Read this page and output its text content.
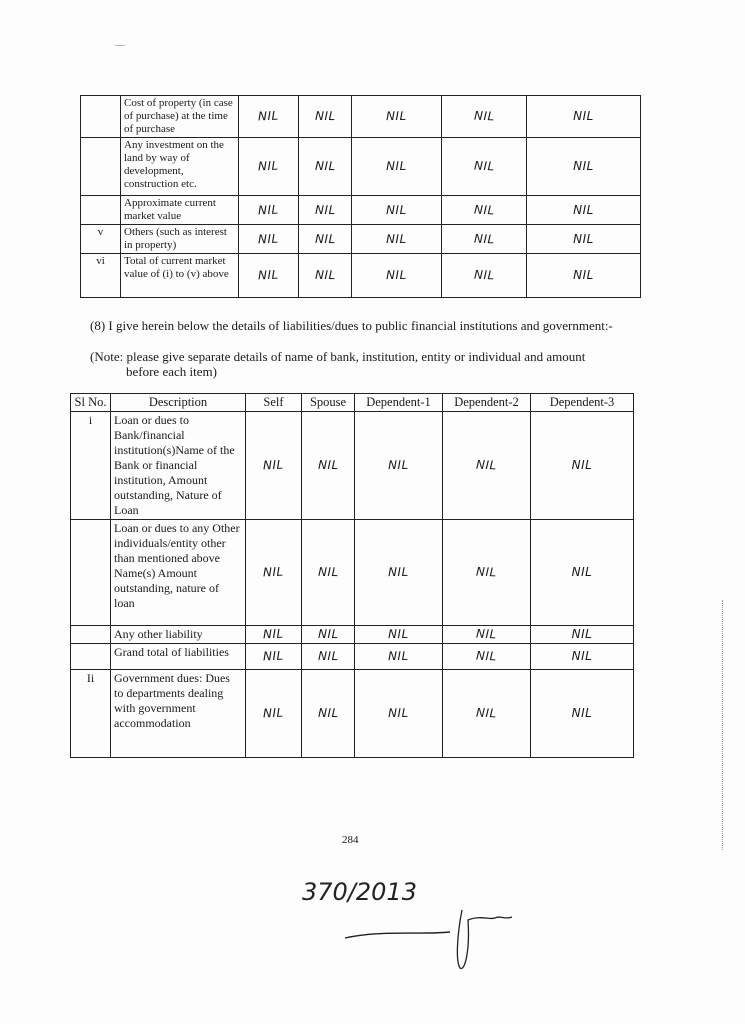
	Cost of property (in case of purchase) at the time of purchase	NIL	NIL	NIL	NIL	NIL
	Any investment on the land by way of development, construction etc.	NIL	NIL	NIL	NIL	NIL
	Approximate current market value	NIL	NIL	NIL	NIL	NIL
v	Others (such as interest in property)	NIL	NIL	NIL	NIL	NIL
vi	Total of current market value of (i) to (v) above	NIL	NIL	NIL	NIL	NIL
(8) I give herein below the details of liabilities/dues to public financial institutions and government:-
(Note: please give separate details of name of bank, institution, entity or individual and amount
before each item)
Sl No.	Description	Self	Spouse	Dependent-1	Dependent-2	Dependent-3
i	Loan or dues to Bank/financial institution(s)Name of the Bank or financial institution, Amount outstanding, Nature of Loan	NIL	NIL	NIL	NIL	NIL
	Loan or dues to any Other individuals/entity other than mentioned above Name(s) Amount outstanding, nature of loan	NIL	NIL	NIL	NIL	NIL
	Any other liability	NIL	NIL	NIL	NIL	NIL
	Grand total of liabilities	NIL	NIL	NIL	NIL	NIL
Ii	Government dues: Dues to departments dealing with government accommodation	NIL	NIL	NIL	NIL	NIL
284
370/2013
